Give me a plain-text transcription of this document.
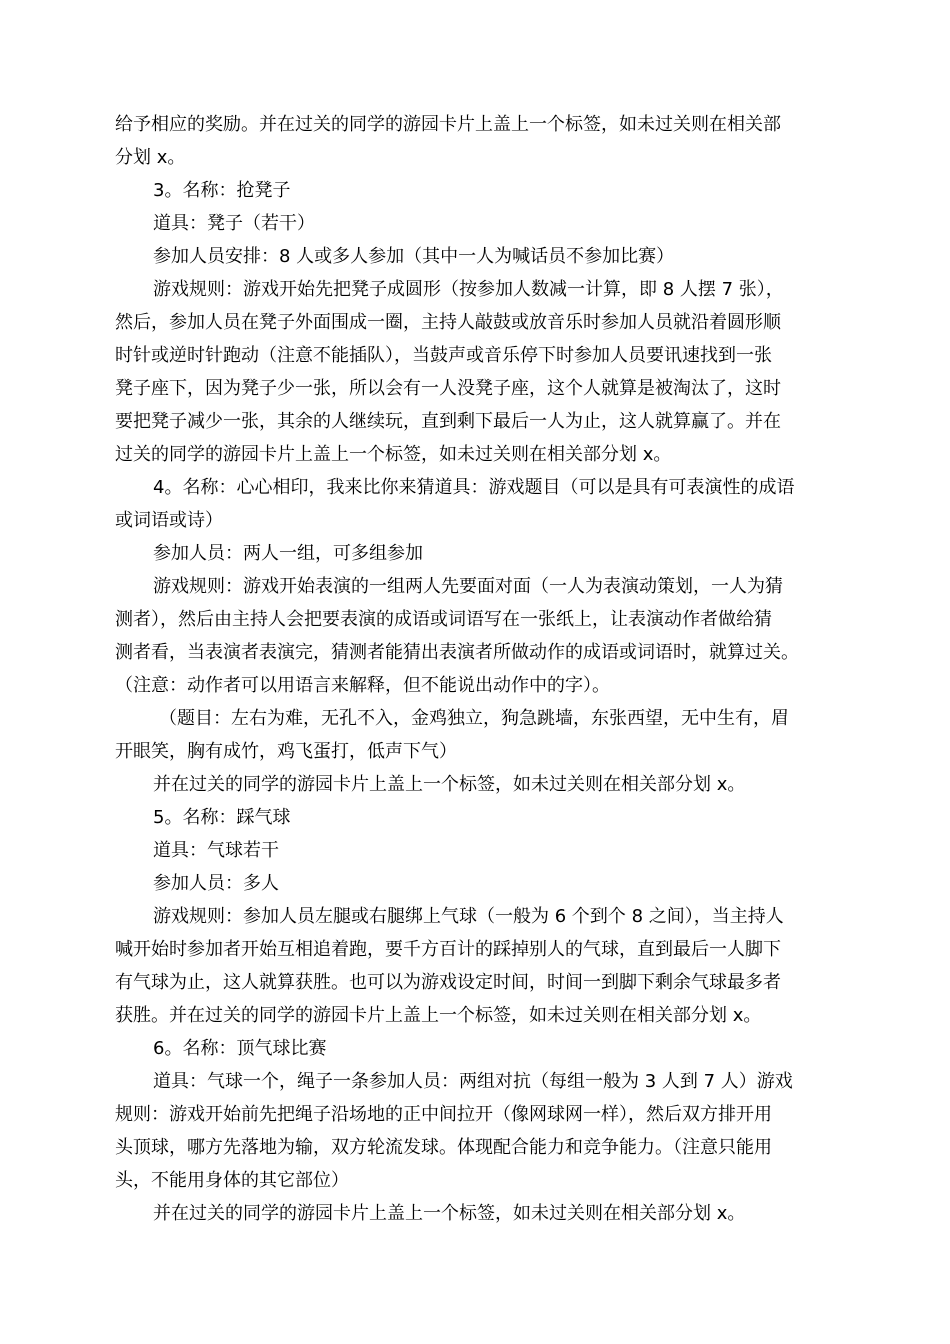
给予相应的奖励。并在过关的同学的游园卡片上盖上一个标签，如未过关则在相关部
分划 x。
3。名称：抢凳子
道具：凳子（若干）
参加人员安排：8 人或多人参加（其中一人为喊话员不参加比赛）
游戏规则：游戏开始先把凳子成圆形（按参加人数减一计算，即 8 人摆 7 张），
然后，参加人员在凳子外面围成一圈，主持人敲鼓或放音乐时参加人员就沿着圆形顺
时针或逆时针跑动（注意不能插队），当鼓声或音乐停下时参加人员要讯速找到一张
凳子座下，因为凳子少一张，所以会有一人没凳子座，这个人就算是被淘汰了，这时
要把凳子减少一张，其余的人继续玩，直到剩下最后一人为止，这人就算赢了。并在
过关的同学的游园卡片上盖上一个标签，如未过关则在相关部分划 x。
4。名称：心心相印，我来比你来猜道具：游戏题目（可以是具有可表演性的成语
或词语或诗）
参加人员：两人一组，可多组参加
游戏规则：游戏开始表演的一组两人先要面对面（一人为表演动策划，一人为猜
测者），然后由主持人会把要表演的成语或词语写在一张纸上，让表演动作者做给猜
测者看，当表演者表演完，猜测者能猜出表演者所做动作的成语或词语时，就算过关。
（注意：动作者可以用语言来解释，但不能说出动作中的字）。
（题目：左右为难，无孔不入，金鸡独立，狗急跳墙，东张西望，无中生有，眉
开眼笑，胸有成竹，鸡飞蛋打，低声下气）
并在过关的同学的游园卡片上盖上一个标签，如未过关则在相关部分划 x。
5。名称：踩气球
道具：气球若干
参加人员：多人
游戏规则：参加人员左腿或右腿绑上气球（一般为 6 个到个 8 之间），当主持人
喊开始时参加者开始互相追着跑，要千方百计的踩掉别人的气球，直到最后一人脚下
有气球为止，这人就算获胜。也可以为游戏设定时间，时间一到脚下剩余气球最多者
获胜。并在过关的同学的游园卡片上盖上一个标签，如未过关则在相关部分划 x。
6。名称：顶气球比赛
道具：气球一个，绳子一条参加人员：两组对抗（每组一般为 3 人到 7 人）游戏
规则：游戏开始前先把绳子沿场地的正中间拉开（像网球网一样），然后双方排开用
头顶球，哪方先落地为输，双方轮流发球。体现配合能力和竞争能力。（注意只能用
头，不能用身体的其它部位）
并在过关的同学的游园卡片上盖上一个标签，如未过关则在相关部分划 x。
